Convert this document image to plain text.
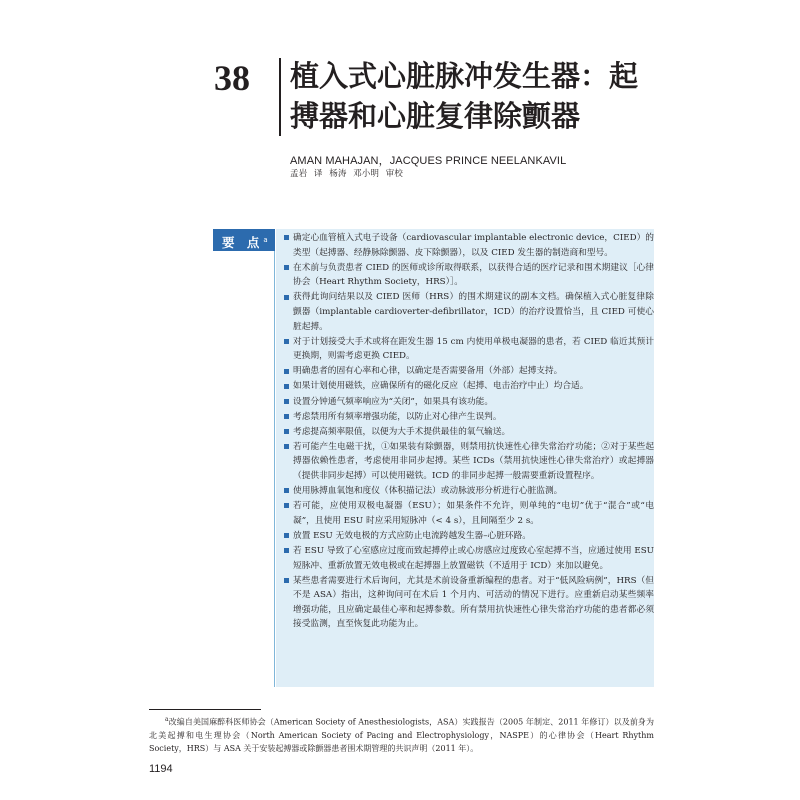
38	植入式心脏脉冲发生器：起
搏器和心脏复律除颤器
AMAN MAHAJAN，JACQUES PRINCE NEELANKAVIL
孟岩 译 杨涛 邓小明 审校
要 点$^a$	确定心血管植入式电子设备（cardiovascular implantable electronic device，CIED）的类型（起搏器、经静脉除颤器、皮下除颤器），以及 CIED 发生器的制造商和型号。
在术前与负责患者 CIED 的医师或诊所取得联系，以获得合适的医疗记录和围术期建议［心律协会（Heart Rhythm Society，HRS）］。
获得此询问结果以及 CIED 医师（HRS）的围术期建议的副本文档。确保植入式心脏复律除颤器（implantable cardioverter-defibrillator，ICD）的治疗设置恰当，且 CIED 可使心脏起搏。
对于计划接受大手术或将在距发生器 15 cm 内使用单极电凝器的患者，若 CIED 临近其预计更换期，则需考虑更换 CIED。
明确患者的固有心率和心律，以确定是否需要备用（外部）起搏支持。
如果计划使用磁铁，应确保所有的磁化反应（起搏、电击治疗中止）均合适。
设置分钟通气频率响应为“关闭”，如果具有该功能。
考虑禁用所有频率增强功能，以防止对心律产生误判。
考虑提高频率限值，以便为大手术提供最佳的氧气输送。
若可能产生电磁干扰，①如果装有除颤器，则禁用抗快速性心律失常治疗功能；②对于某些起搏器依赖性患者，考虑使用非同步起搏。某些 ICDs（禁用抗快速性心律失常治疗）或起搏器（提供非同步起搏）可以使用磁铁。ICD 的非同步起搏一般需要重新设置程序。
使用脉搏血氧饱和度仪（体积描记法）或动脉波形分析进行心脏监测。
若可能，应使用双极电凝器（ESU）；如果条件不允许，则单纯的“电切”优于“混合”或“电凝”，且使用 ESU 时应采用短脉冲（< 4 s），且间隔至少 2 s。
放置 ESU 无效电极的方式应防止电流跨越发生器–心脏环路。
若 ESU 导致了心室感应过度而致起搏停止或心房感应过度致心室起搏不当，应通过使用 ESU 短脉冲、重新放置无效电极或在起搏器上放置磁铁（不适用于 ICD）来加以避免。
某些患者需要进行术后询问，尤其是术前设备重新编程的患者。对于“低风险病例”，HRS（但不是 ASA）指出，这种询问可在术后 1 个月内、可活动的情况下进行。应重新启动某些频率增强功能，且应确定最佳心率和起搏参数。所有禁用抗快速性心律失常治疗功能的患者都必须接受监测，直至恢复此功能为止。
$^a$改编自美国麻醉科医师协会（American Society of Anesthesiologists，ASA）实践报告（2005 年制定、2011 年修订）以及前身为北美起搏和电生理协会（North American Society of Pacing and Electrophysiology，NASPE）的心律协会（Heart Rhythm Society，HRS）与 ASA 关于安装起搏器或除颤器患者围术期管理的共识声明（2011 年）。
1194
